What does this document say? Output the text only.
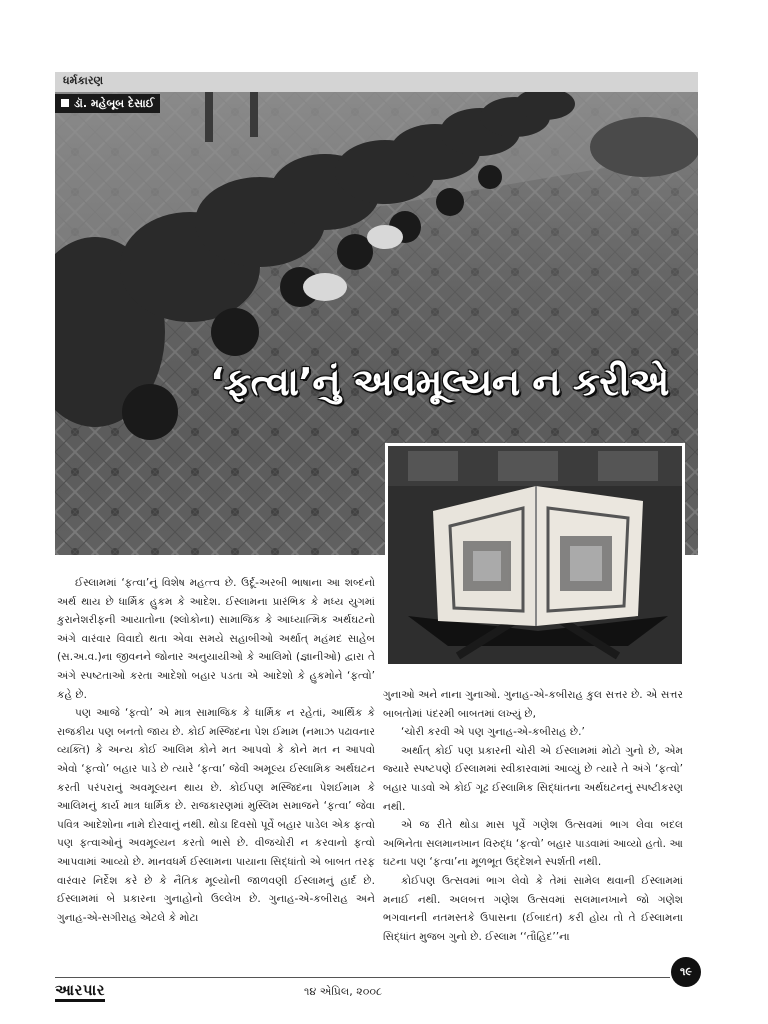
ધર્મકારણ
ડૉ. મહેબૂબ દેસાઈ
‘ફત્વા’નું અવમૂલ્યન ન કરીએ

ઈસ્લામમાં ‘ફત્વા’નું વિશેષ મહત્ત્વ છે. ઉર્દૂ-અરબી ભાષાના આ શબ્દનો અર્થ થાય છે ધાર્મિક હુકમ કે આદેશ. ઈસ્લામના પ્રારંભિક કે મધ્ય યુગમાં કુરાનેશરીફની આયાતોના (શ્લોકોના) સામાજિક કે આધ્યાત્મિક અર્થઘટનો અંગે વારંવાર વિવાદો થતા એવા સમયે સહાબીઓ અર્થાત્ મહંમદ સાહેબ (સ.અ.વ.)ના જીવનને જોનાર અનુયાયીઓ કે આલિમો (જ્ઞાનીઓ) દ્વારા તે અંગે સ્પષ્ટતાઓ કરતા આદેશો બહાર પડતા એ આદેશો કે હુકમોને ‘ફત્વો’ કહે છે.

પણ આજે ‘ફત્વો’ એ માત્ર સામાજિક કે ધાર્મિક ન રહેતાં, આર્થિક કે રાજકીય પણ બનતો જાય છે. કોઈ મસ્જિદના પેશ ઈમામ (નમાઝ પઢાવનાર વ્યક્તિ) કે અન્ય કોઈ આલિમ કોને મત આપવો કે કોને મત ન આપવો એવો ‘ફત્વો’ બહાર પાડે છે ત્યારે ‘ફત્વા’ જેવી અમૂલ્ય ઈસ્લામિક અર્થઘટન કરતી પરંપરાનું અવમૂલ્યન થાય છે. કોઈપણ મસ્જિદના પેશઈમામ કે આલિમનું કાર્ય માત્ર ધાર્મિક છે. રાજકારણમાં મુસ્લિમ સમાજને ‘ફત્વા’ જેવા પવિત્ર આદેશોના નામે દોરવાનું નથી. થોડા દિવસો પૂર્વે બહાર પાડેલ એક ફત્વો પણ ફત્વાઓનું અવમૂલ્યન કરતો ભાસે છે. વીજચોરી ન કરવાનો ફત્વો આપવામાં આવ્યો છે. માનવધર્મ ઈસ્લામના પાયાના સિદ્ધાંતો એ બાબત તરફ વારંવાર નિર્દેશ કરે છે કે નૈતિક મૂલ્યોની જાળવણી ઈસ્લામનું હાર્દ છે. ઈસ્લામમાં બે પ્રકારના ગુનાહોનો ઉલ્લેખ છે. ગુનાહ-એ-કબીરાહ અને ગુનાહ-એ-સગીરાહ એટલે કે મોટા

ગુનાઓ અને નાના ગુનાઓ. ગુનાહ-એ-કબીરાહ કુલ સત્તર છે. એ સત્તર બાબતોમાં પંદરમી બાબતમાં લખ્યું છે,

‘ચોરી કરવી એ પણ ગુનાહ-એ-કબીરાહ છે.’

અર્થાત્ કોઈ પણ પ્રકારની ચોરી એ ઈસ્લામમાં મોટો ગુનો છે, એમ જ્યારે સ્પષ્ટપણે ઈસ્લામમાં સ્વીકારવામાં આવ્યું છે ત્યારે તે અંગે ‘ફત્વો’ બહાર પાડવો એ કોઈ ગૂઢ ઈસ્લામિક સિદ્ધાંતના અર્થઘટનનું સ્પષ્ટીકરણ નથી.

એ જ રીતે થોડા માસ પૂર્વે ગણેશ ઉત્સવમાં ભાગ લેવા બદલ અભિનેતા સલમાનખાન વિરુદ્ધ ‘ફત્વો’ બહાર પાડવામાં આવ્યો હતો. આ ઘટના પણ ‘ફત્વા’ના મૂળભૂત ઉદ્દેશને સ્પર્શતી નથી.

કોઈપણ ઉત્સવમાં ભાગ લેવો કે તેમાં સામેલ થવાની ઈસ્લામમાં મનાઈ નથી. અલબત્ત ગણેશ ઉત્સવમાં સલમાનખાને જો ગણેશ ભગવાનની નતમસ્તકે ઉપાસના (ઈબાદત) કરી હોય તો તે ઈસ્લામના સિદ્ધાંત મુજબ ગુનો છે. ઈસ્લામ ‘‘તૌહિદ’’ના

આરપાર	૧૪ એપ્રિલ, ૨૦૦૮
૧૯
